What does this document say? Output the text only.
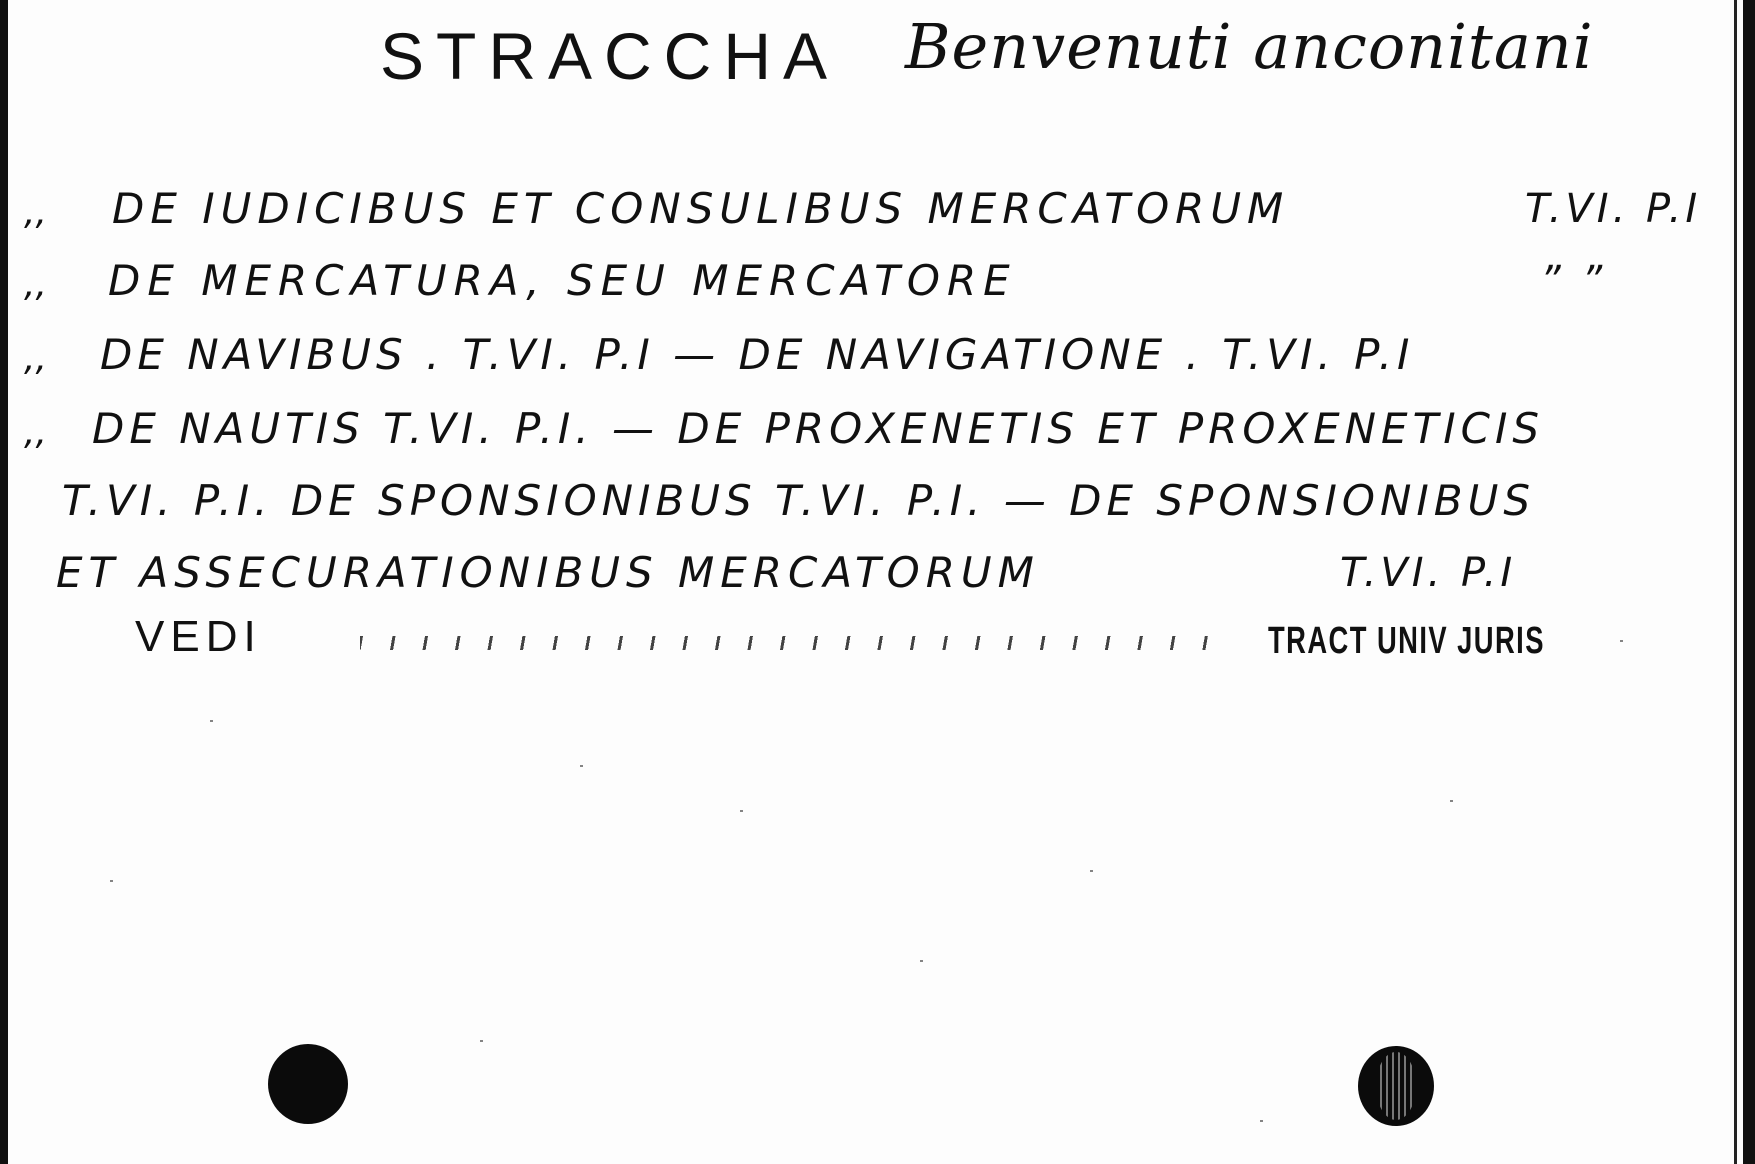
STRACCHA Benvenuti anconitani
,, DE IUDICIBUS ET CONSULIBUS MERCATORUM	T.VI. P.I
,, DE MERCATURA, SEU MERCATORE	” ”
,, DE NAVIBUS . T.VI. P.I — DE NAVIGATIONE . T.VI. P.I
,, DE NAUTIS T.VI. P.I. — DE PROXENETIS ET PROXENETICIS
T.VI. P.I. DE SPONSIONIBUS T.VI. P.I. — DE SPONSIONIBUS
ET ASSECURATIONIBUS MERCATORUM	T.VI. P.I
VEDI	TRACT UNIV JURIS
